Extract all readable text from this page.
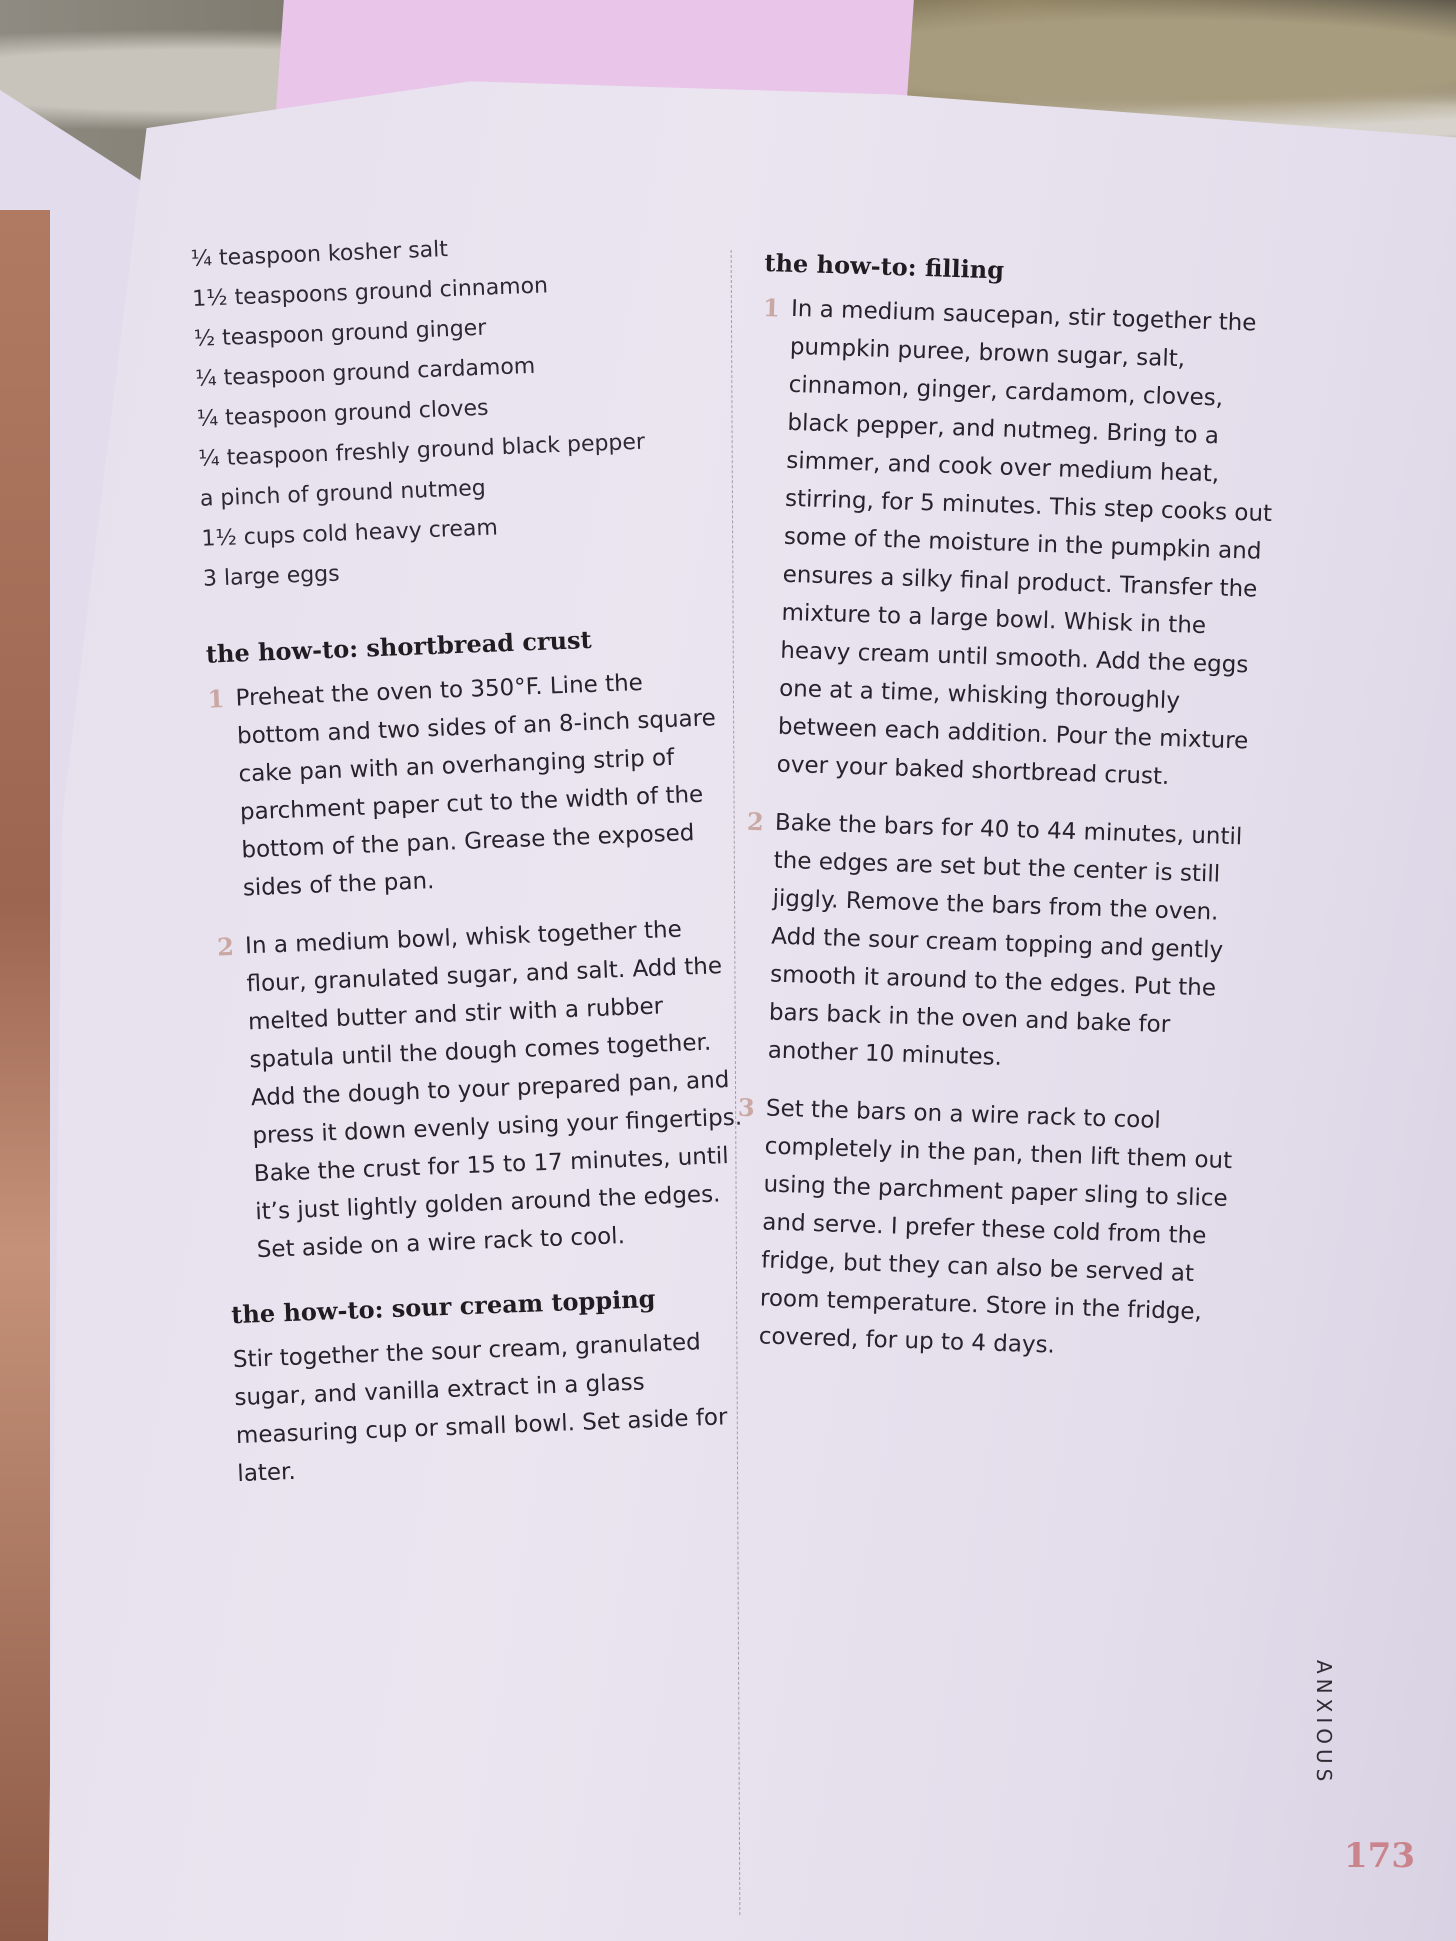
¼ teaspoon kosher salt
1½ teaspoons ground cinnamon
½ teaspoon ground ginger
¼ teaspoon ground cardamom
¼ teaspoon ground cloves
¼ teaspoon freshly ground black pepper
a pinch of ground nutmeg
1½ cups cold heavy cream
3 large eggs
the how-to: shortbread crust
1 Preheat the oven to 350°F. Line the bottom and two sides of an 8-inch square cake pan with an overhanging strip of parchment paper cut to the width of the bottom of the pan. Grease the exposed sides of the pan.
2 In a medium bowl, whisk together the flour, granulated sugar, and salt. Add the melted butter and stir with a rubber spatula until the dough comes together. Add the dough to your prepared pan, and press it down evenly using your fingertips. Bake the crust for 15 to 17 minutes, until it’s just lightly golden around the edges. Set aside on a wire rack to cool.
the how-to: sour cream topping
Stir together the sour cream, granulated sugar, and vanilla extract in a glass measuring cup or small bowl. Set aside for later.
the how-to: filling
1 In a medium saucepan, stir together the pumpkin puree, brown sugar, salt, cinnamon, ginger, cardamom, cloves, black pepper, and nutmeg. Bring to a simmer, and cook over medium heat, stirring, for 5 minutes. This step cooks out some of the moisture in the pumpkin and ensures a silky final product. Transfer the mixture to a large bowl. Whisk in the heavy cream until smooth. Add the eggs one at a time, whisking thoroughly between each addition. Pour the mixture over your baked shortbread crust.
2 Bake the bars for 40 to 44 minutes, until the edges are set but the center is still jiggly. Remove the bars from the oven. Add the sour cream topping and gently smooth it around to the edges. Put the bars back in the oven and bake for another 10 minutes.
3 Set the bars on a wire rack to cool completely in the pan, then lift them out using the parchment paper sling to slice and serve. I prefer these cold from the fridge, but they can also be served at room temperature. Store in the fridge, covered, for up to 4 days.
ANXIOUS
173
